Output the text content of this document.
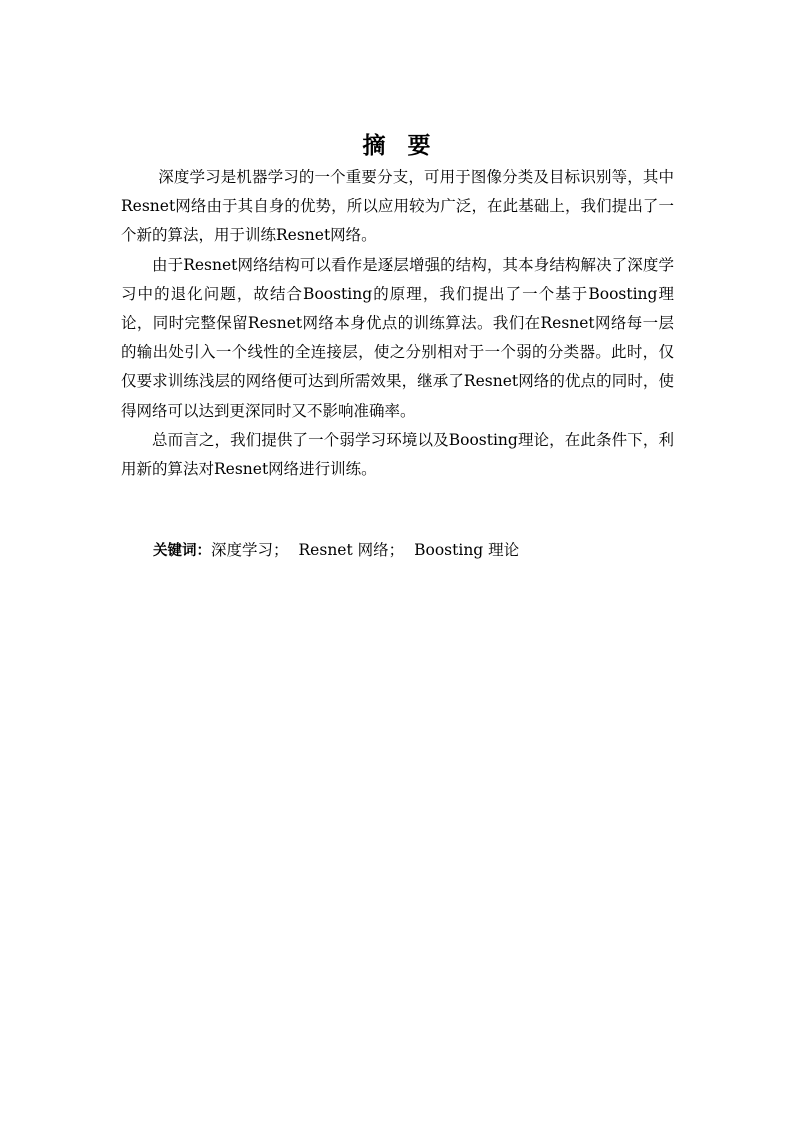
摘要

深度学习是机器学习的一个重要分支，可用于图像分类及目标识别等，其中Resnet网络由于其自身的优势，所以应用较为广泛，在此基础上，我们提出了一个新的算法，用于训练Resnet网络。

由于Resnet网络结构可以看作是逐层增强的结构，其本身结构解决了深度学习中的退化问题，故结合Boosting的原理，我们提出了一个基于Boosting理论，同时完整保留Resnet网络本身优点的训练算法。我们在Resnet网络每一层的输出处引入一个线性的全连接层，使之分别相对于一个弱的分类器。此时，仅仅要求训练浅层的网络便可达到所需效果，继承了Resnet网络的优点的同时，使得网络可以达到更深同时又不影响准确率。

总而言之，我们提供了一个弱学习环境以及Boosting理论，在此条件下，利用新的算法对Resnet网络进行训练。

关键词：深度学习； Resnet 网络； Boosting 理论
